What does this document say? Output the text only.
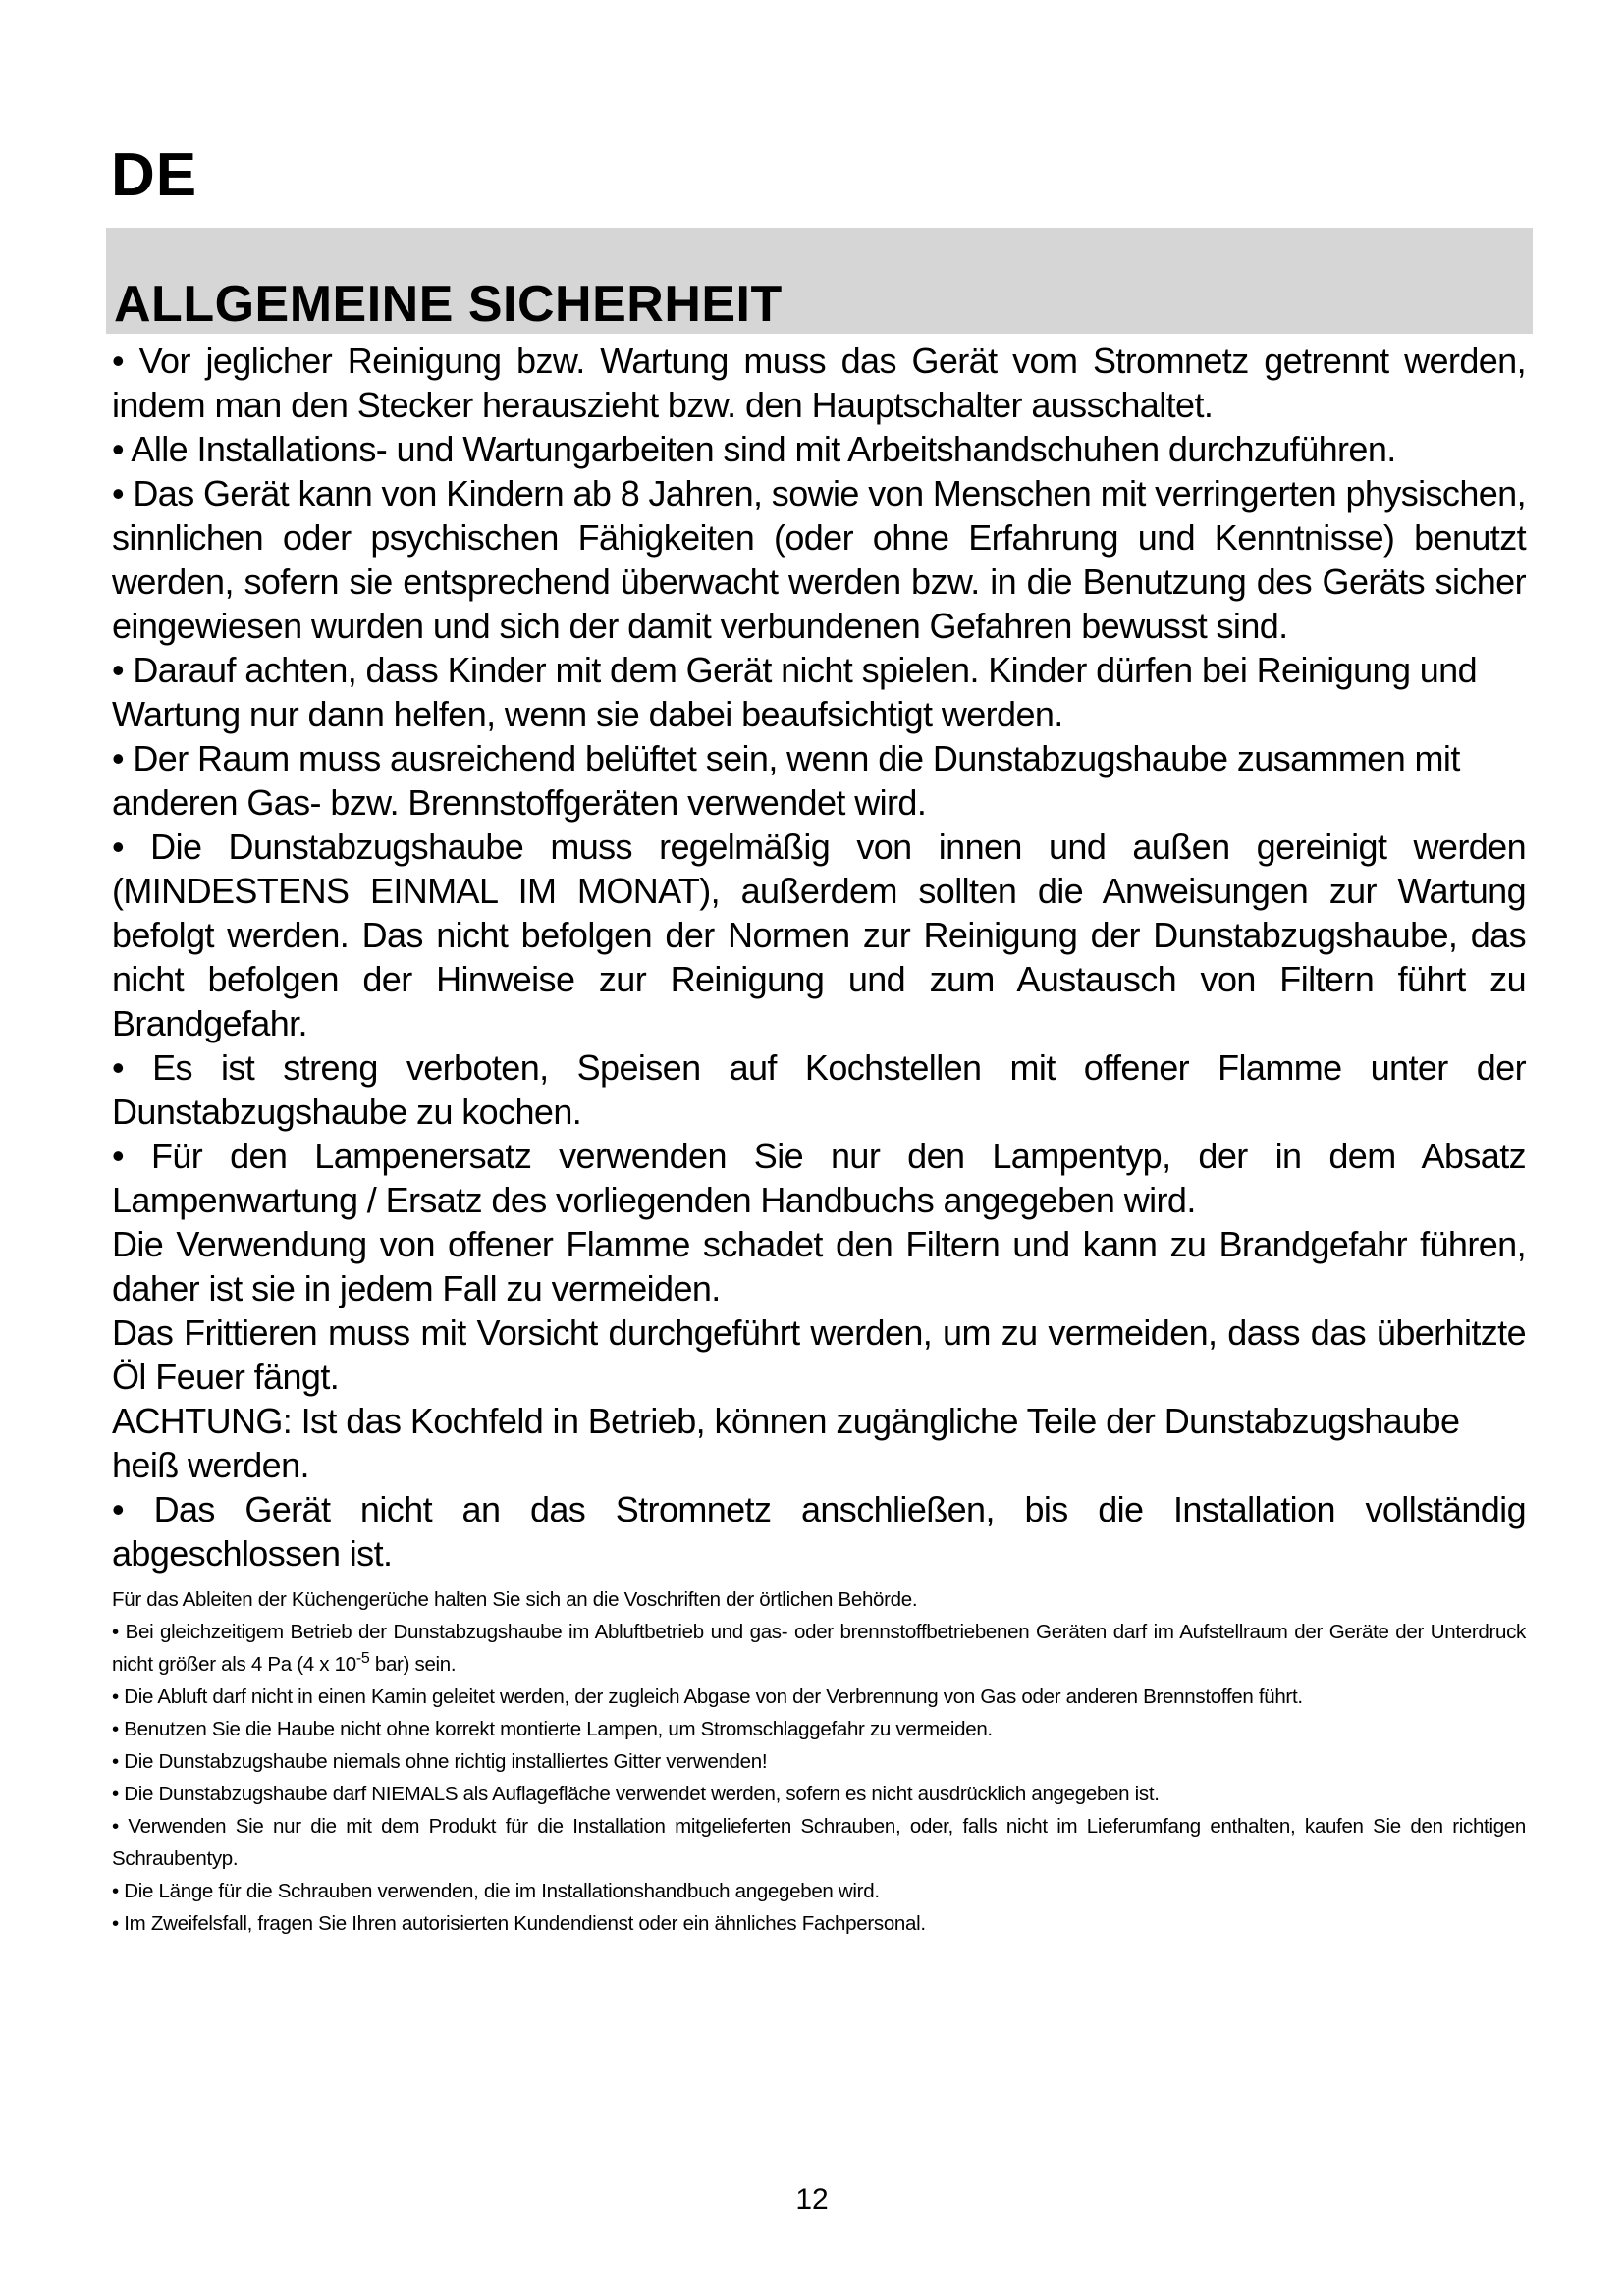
DE
ALLGEMEINE SICHERHEIT

• Vor jeglicher Reinigung bzw. Wartung muss das Gerät vom Stromnetz getrennt werden, indem man den Stecker herauszieht bzw. den Hauptschalter ausschaltet.

• Alle Installations- und Wartungarbeiten sind mit Arbeitshandschuhen durchzuführen.

• Das Gerät kann von Kindern ab 8 Jahren, sowie von Menschen mit verringerten physischen, sinnlichen oder psychischen Fähigkeiten (oder ohne Erfahrung und Kenntnisse) benutzt werden, sofern sie entsprechend überwacht werden bzw. in die Benutzung des Geräts sicher eingewiesen wurden und sich der damit verbundenen Gefahren bewusst sind.

• Darauf achten, dass Kinder mit dem Gerät nicht spielen. Kinder dürfen bei Reinigung und Wartung nur dann helfen, wenn sie dabei beaufsichtigt werden.

• Der Raum muss ausreichend belüftet sein, wenn die Dunstabzugshaube zusammen mit anderen Gas- bzw. Brennstoffgeräten verwendet wird.

• Die Dunstabzugshaube muss regelmäßig von innen und außen gereinigt werden (MINDESTENS EINMAL IM MONAT), außerdem sollten die Anweisungen zur Wartung befolgt werden. Das nicht befolgen der Normen zur Reinigung der Dunstabzugshaube, das nicht befolgen der Hinweise zur Reinigung und zum Austausch von Filtern führt zu Brandgefahr.

• Es ist streng verboten, Speisen auf Kochstellen mit offener Flamme unter der Dunstabzugshaube zu kochen.

• Für den Lampenersatz verwenden Sie nur den Lampentyp, der in dem Absatz Lampenwartung / Ersatz des vorliegenden Handbuchs angegeben wird.

Die Verwendung von offener Flamme schadet den Filtern und kann zu Brandgefahr führen, daher ist sie in jedem Fall zu vermeiden.

Das Frittieren muss mit Vorsicht durchgeführt werden, um zu vermeiden, dass das überhitzte Öl Feuer fängt.

ACHTUNG: Ist das Kochfeld in Betrieb, können zugängliche Teile der Dunstabzugshaube heiß werden.

• Das Gerät nicht an das Stromnetz anschließen, bis die Installation vollständig abgeschlossen ist.

Für das Ableiten der Küchengerüche halten Sie sich an die Voschriften der örtlichen Behörde.

• Bei gleichzeitigem Betrieb der Dunstabzugshaube im Abluftbetrieb und gas- oder brennstoffbetriebenen Geräten darf im Aufstellraum der Geräte der Unterdruck nicht größer als 4 Pa (4 x $10^{-5}$ bar) sein.

• Die Abluft darf nicht in einen Kamin geleitet werden, der zugleich Abgase von der Verbrennung von Gas oder anderen Brennstoffen führt.

• Benutzen Sie die Haube nicht ohne korrekt montierte Lampen, um Stromschlaggefahr zu vermeiden.

• Die Dunstabzugshaube niemals ohne richtig installiertes Gitter verwenden!

• Die Dunstabzugshaube darf NIEMALS als Auflagefläche verwendet werden, sofern es nicht ausdrücklich angegeben ist.

• Verwenden Sie nur die mit dem Produkt für die Installation mitgelieferten Schrauben, oder, falls nicht im Lieferumfang enthalten, kaufen Sie den richtigen Schraubentyp.

• Die Länge für die Schrauben verwenden, die im Installationshandbuch angegeben wird.

• Im Zweifelsfall, fragen Sie Ihren autorisierten Kundendienst oder ein ähnliches Fachpersonal.

12
